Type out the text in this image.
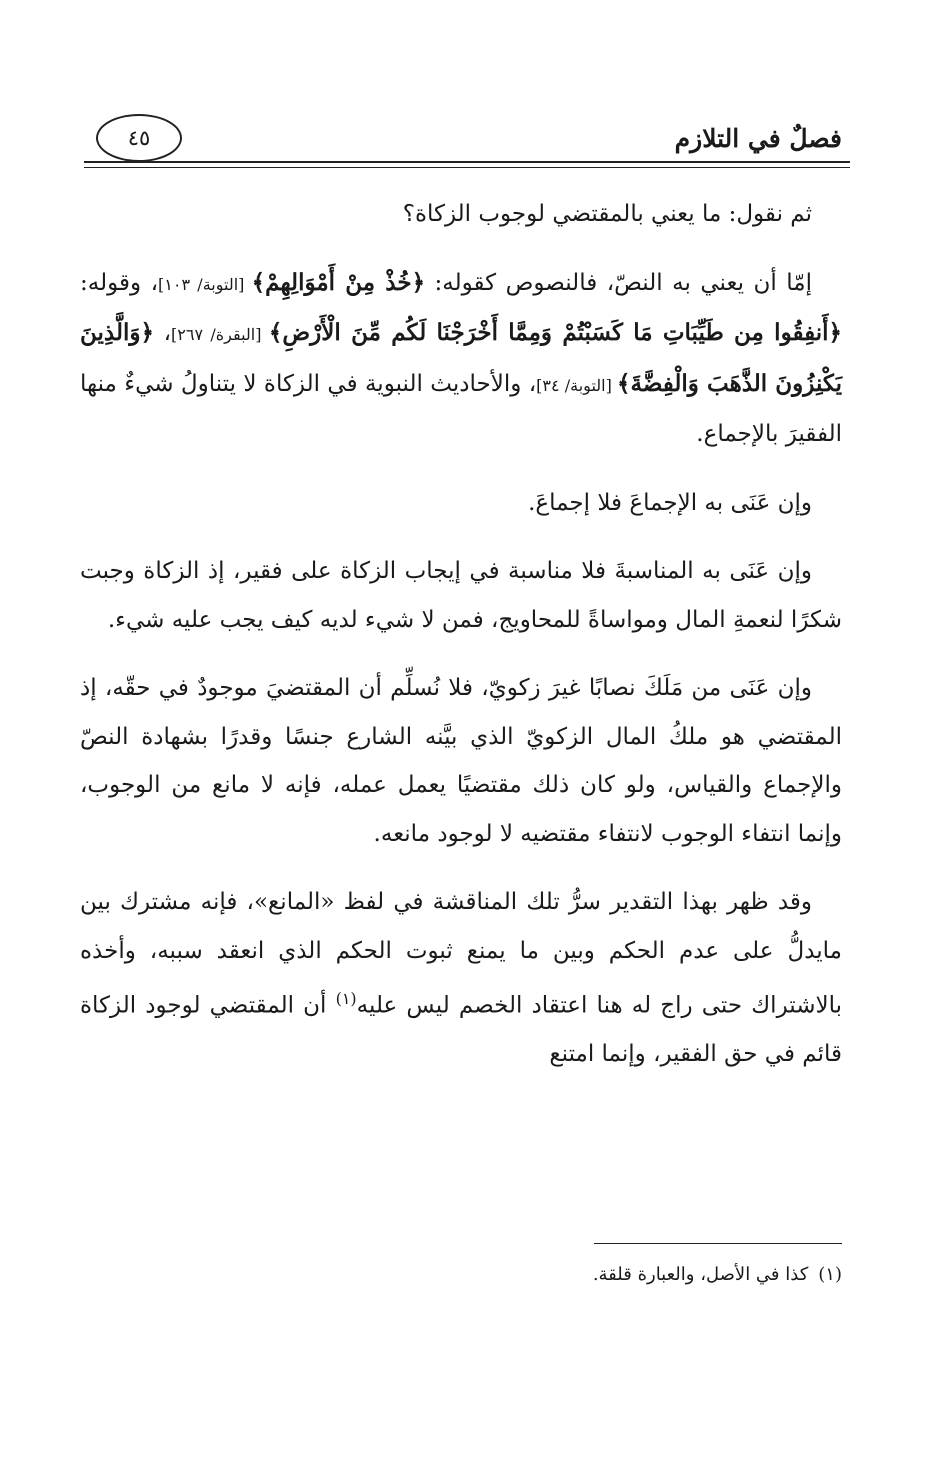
فصلٌ في التلازم
٤٥

ثم نقول: ما يعني بالمقتضي لوجوب الزكاة؟

إمّا أن يعني به النصّ، فالنصوص كقوله: ﴿خُذْ مِنْ أَمْوَالِهِمْ﴾ [التوبة/ ١٠٣]، وقوله: ﴿أَنفِقُوا مِن طَيِّبَاتِ مَا كَسَبْتُمْ وَمِمَّا أَخْرَجْنَا لَكُم مِّنَ الْأَرْضِ﴾ [البقرة/ ٢٦٧]، ﴿وَالَّذِينَ يَكْنِزُونَ الذَّهَبَ وَالْفِضَّةَ﴾ [التوبة/ ٣٤]، والأحاديث النبوية في الزكاة لا يتناولُ شيءٌ منها الفقيرَ بالإجماع.

وإن عَنَى به الإجماعَ فلا إجماعَ.

وإن عَنَى به المناسبةَ فلا مناسبة في إيجاب الزكاة على فقير، إذ الزكاة وجبت شكرًا لنعمةِ المال ومواساةً للمحاويج، فمن لا شيء لديه كيف يجب عليه شيء.

وإن عَنَى من مَلَكَ نصابًا غيرَ زكويّ، فلا نُسلِّم أن المقتضيَ موجودٌ في حقّه، إذ المقتضي هو ملكُ المال الزكويّ الذي بيَّنه الشارع جنسًا وقدرًا بشهادة النصّ والإجماع والقياس، ولو كان ذلك مقتضيًا يعمل عمله، فإنه لا مانع من الوجوب، وإنما انتفاء الوجوب لانتفاء مقتضيه لا لوجود مانعه.

وقد ظهر بهذا التقدير سرُّ تلك المناقشة في لفظ «المانع»، فإنه مشترك بين مايدلُّ على عدم الحكم وبين ما يمنع ثبوت الحكم الذي انعقد سببه، وأخذه بالاشتراك حتى راج له هنا اعتقاد الخصم ليس عليه$^{(١)}$ أن المقتضي لوجود الزكاة قائم في حق الفقير، وإنما امتنع

(١)كذا في الأصل، والعبارة قلقة.
